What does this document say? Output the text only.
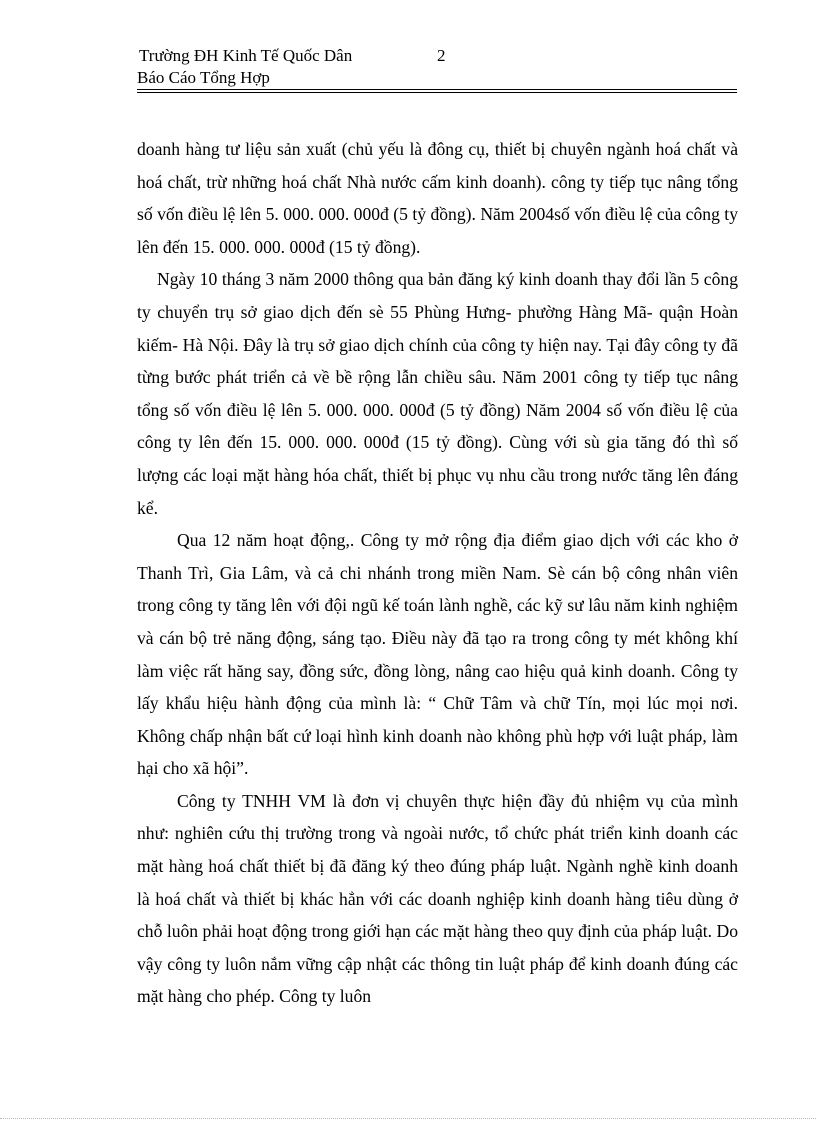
Trường ĐH Kinh Tế Quốc Dân	2
Báo Cáo Tổng Hợp

doanh hàng tư liệu sản xuất (chủ yếu là đông cụ, thiết bị chuyên ngành hoá chất và hoá chất, trừ những hoá chất Nhà nước cấm kinh doanh). công ty tiếp tục nâng tổng số vốn điều lệ lên 5. 000. 000. 000đ (5 tỷ đồng). Năm 2004số vốn điều lệ của công ty lên đến 15. 000. 000. 000đ (15 tỷ đồng).

Ngày 10 tháng 3 năm 2000 thông qua bản đăng ký kinh doanh thay đổi lần 5 công ty chuyển trụ sở giao dịch đến sè 55 Phùng Hưng- phường Hàng Mã- quận Hoàn kiếm- Hà Nội. Đây là trụ sở giao dịch chính của công ty hiện nay. Tại đây công ty đã từng bước phát triển cả về bề rộng lẫn chiều sâu. Năm 2001 công ty tiếp tục nâng tổng số vốn điều lệ lên 5. 000. 000. 000đ (5 tỷ đồng) Năm 2004 số vốn điều lệ của công ty lên đến 15. 000. 000. 000đ (15 tỷ đồng). Cùng với sù gia tăng đó thì số lượng các loại mặt hàng hóa chất, thiết bị phục vụ nhu cầu trong nước tăng lên đáng kể.

Qua 12 năm hoạt động,. Công ty mở rộng địa điểm giao dịch với các kho ở Thanh Trì, Gia Lâm, và cả chi nhánh trong miền Nam. Sè cán bộ công nhân viên trong công ty tăng lên với đội ngũ kế toán lành nghề, các kỹ sư lâu năm kinh nghiệm và cán bộ trẻ năng động, sáng tạo. Điều này đã tạo ra trong công ty mét không khí làm việc rất hăng say, đồng sức, đồng lòng, nâng cao hiệu quả kinh doanh. Công ty lấy khẩu hiệu hành động của mình là: “ Chữ Tâm và chữ Tín, mọi lúc mọi nơi. Không chấp nhận bất cứ loại hình kinh doanh nào không phù hợp với luật pháp, làm hại cho xã hội”.

Công ty TNHH VM là đơn vị chuyên thực hiện đầy đủ nhiệm vụ của mình như: nghiên cứu thị trường trong và ngoài nước, tổ chức phát triển kinh doanh các mặt hàng hoá chất thiết bị đã đăng ký theo đúng pháp luật. Ngành nghề kinh doanh là hoá chất và thiết bị khác hẳn với các doanh nghiệp kinh doanh hàng tiêu dùng ở chỗ luôn phải hoạt động trong giới hạn các mặt hàng theo quy định của pháp luật. Do vậy công ty luôn nắm vững cập nhật các thông tin luật pháp để kinh doanh đúng các mặt hàng cho phép. Công ty luôn
